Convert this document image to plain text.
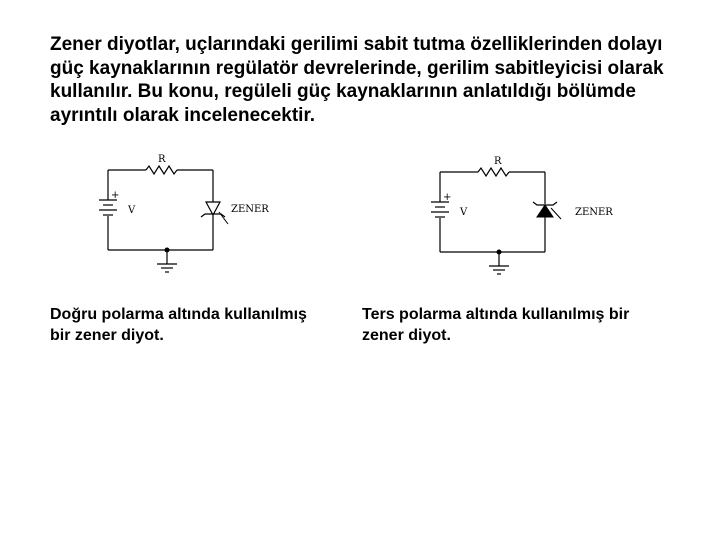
Zener diyotlar, uçlarındaki gerilimi sabit tutma özelliklerinden dolayı güç kaynaklarının regülatör devrelerinde, gerilim sabitleyicisi olarak kullanılır. Bu konu, regüleli güç kaynaklarının anlatıldığı bölümde ayrıntılı olarak incelenecektir.

R
+
V	ZENER
R
+
V	ZENER

Doğru polarma altında kullanılmış bir zener diyot.

Ters polarma altında kullanılmış bir zener diyot.
